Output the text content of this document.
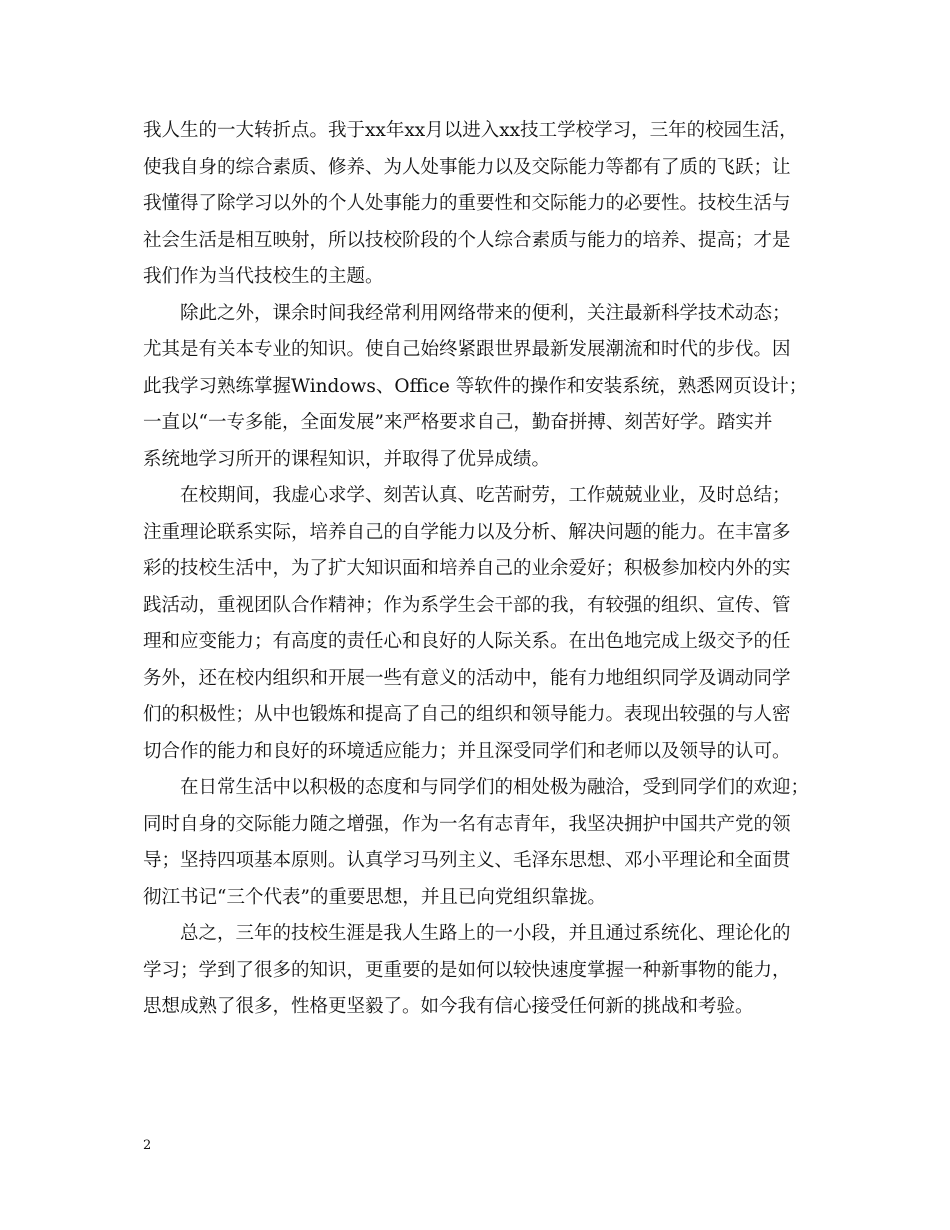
我人生的一大转折点。我于xx年xx月以进入xx技工学校学习，三年的校园生活，
使我自身的综合素质、修养、为人处事能力以及交际能力等都有了质的飞跃；让
我懂得了除学习以外的个人处事能力的重要性和交际能力的必要性。技校生活与
社会生活是相互映射，所以技校阶段的个人综合素质与能力的培养、提高；才是
我们作为当代技校生的主题。
除此之外，课余时间我经常利用网络带来的便利，关注最新科学技术动态；
尤其是有关本专业的知识。使自己始终紧跟世界最新发展潮流和时代的步伐。因
此我学习熟练掌握Windows、Office 等软件的操作和安装系统，熟悉网页设计；
一直以“一专多能，全面发展”来严格要求自己，勤奋拼搏、刻苦好学。踏实并
系统地学习所开的课程知识，并取得了优异成绩。
在校期间，我虚心求学、刻苦认真、吃苦耐劳，工作兢兢业业，及时总结；
注重理论联系实际，培养自己的自学能力以及分析、解决问题的能力。在丰富多
彩的技校生活中，为了扩大知识面和培养自己的业余爱好；积极参加校内外的实
践活动，重视团队合作精神；作为系学生会干部的我，有较强的组织、宣传、管
理和应变能力；有高度的责任心和良好的人际关系。在出色地完成上级交予的任
务外，还在校内组织和开展一些有意义的活动中，能有力地组织同学及调动同学
们的积极性；从中也锻炼和提高了自己的组织和领导能力。表现出较强的与人密
切合作的能力和良好的环境适应能力；并且深受同学们和老师以及领导的认可。
在日常生活中以积极的态度和与同学们的相处极为融洽，受到同学们的欢迎；
同时自身的交际能力随之增强，作为一名有志青年，我坚决拥护中国共产党的领
导；坚持四项基本原则。认真学习马列主义、毛泽东思想、邓小平理论和全面贯
彻江书记“三个代表”的重要思想，并且已向党组织靠拢。
总之，三年的技校生涯是我人生路上的一小段，并且通过系统化、理论化的
学习；学到了很多的知识，更重要的是如何以较快速度掌握一种新事物的能力，
思想成熟了很多，性格更坚毅了。如今我有信心接受任何新的挑战和考验。
2
